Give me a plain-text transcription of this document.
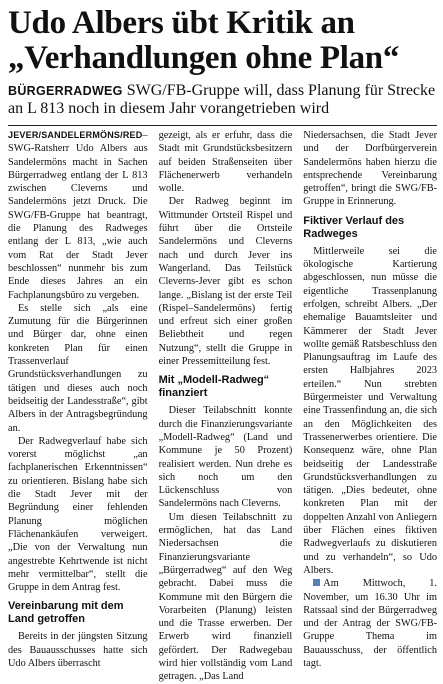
Udo Albers übt Kritik an
„Verhandlungen ohne Plan“
BÜRGERRADWEG SWG/FB-Gruppe will, dass Planung für Strecke an L 813 noch in diesem Jahr vorangetrieben wird

JEVER/SANDELERMÖNS/RED– SWG-Ratsherr Udo Albers aus Sandelermöns macht in Sachen Bürgerradweg entlang der L 813 zwischen Cleverns und Sandelermöns jetzt Druck. Die SWG/FB-Gruppe hat beantragt, die Planung des Radweges entlang der L 813, „wie auch vom Rat der Stadt Jever beschlossen“ nunmehr bis zum Ende dieses Jahres an ein Fachplanungsbüro zu vergeben.

Es stelle sich „als eine Zumutung für die Bürgerinnen und Bürger dar, ohne einen konkreten Plan für einen Trassenverlauf Grundstücksverhandlungen zu tätigen und dieses auch noch beidseitig der Landesstraße“, gibt Albers in der Antragsbegründung an.

Der Radwegverlauf habe sich vorerst möglichst „an fachplanerischen Erkenntnissen“ zu orientieren. Bislang habe sich die Stadt Jever mit der Begründung einer fehlenden Planung möglichen Flächenankäufen verweigert. „Die von der Verwaltung nun angestrebte Kehrtwende ist nicht mehr vermittelbar“, stellt die Gruppe in dem Antrag fest.

Vereinbarung mit dem Land getroffen

Bereits in der jüngsten Sitzung des Bauausschusses hatte sich Udo Albers überrascht

gezeigt, als er erfuhr, dass die Stadt mit Grundstücksbesitzern auf beiden Straßenseiten über Flächenerwerb verhandeln wolle.

Der Radweg beginnt im Wittmunder Ortsteil Rispel und führt über die Ortsteile Sandelermöns und Cleverns nach und durch Jever ins Wangerland. Das Teilstück Cleverns-Jever gibt es schon lange. „Bislang ist der erste Teil (Rispel–Sandelermöns) fertig und erfreut sich einer großen Beliebtheit und regen Nutzung“, stellt die Gruppe in einer Pressemitteilung fest.

Mit „Modell-Radweg“ finanziert

Dieser Teilabschnitt konnte durch die Finanzierungsvariante „Modell-Radweg“ (Land und Kommune je 50 Prozent) realisiert werden. Nun drehe es sich noch um den Lückenschluss von Sandelermöns nach Cleverns.

Um diesen Teilabschnitt zu ermöglichen, hat das Land Niedersachsen die Finanzierungsvariante „Bürgerradweg“ auf den Weg gebracht. Dabei muss die Kommune mit den Bürgern die Vorarbeiten (Planung) leisten und die Trasse erwerben. Der Erwerb wird finanziell gefördert. Der Radwegebau wird hier vollständig vom Land getragen. „Das Land

Niedersachsen, die Stadt Jever und der Dorfbürgerverein Sandelermöns haben hierzu die entsprechende Vereinbarung getroffen“, bringt die SWG/FB-Gruppe in Erinnerung.

Fiktiver Verlauf des Radweges

Mittlerweile sei die ökologische Kartierung abgeschlossen, nun müsse die eigentliche Trassenplanung erfolgen, schreibt Albers. „Der ehemalige Bauamtsleiter und Kämmerer der Stadt Jever wollte gemäß Ratsbeschluss den Planungsauftrag im Laufe des ersten Halbjahres 2023 erteilen.“ Nun strebten Bürgermeister und Verwaltung eine Trassenfindung an, die sich an den Möglichkeiten des Trassenerwerbes orientiere. Die Konsequenz wäre, ohne Plan beidseitig der Landesstraße Grundstücksverhandlungen zu tätigen. „Dies bedeutet, ohne konkreten Plan mit der doppelten Anzahl von Anliegern über Flächen eines fiktiven Radwegverlaufs zu diskutieren und zu verhandeln“, so Udo Albers.

Am Mittwoch, 1. November, um 16.30 Uhr im Ratssaal sind der Bürgerradweg und der Antrag der SWG/FB-Gruppe Thema im Bauausschuss, der öffentlich tagt.
